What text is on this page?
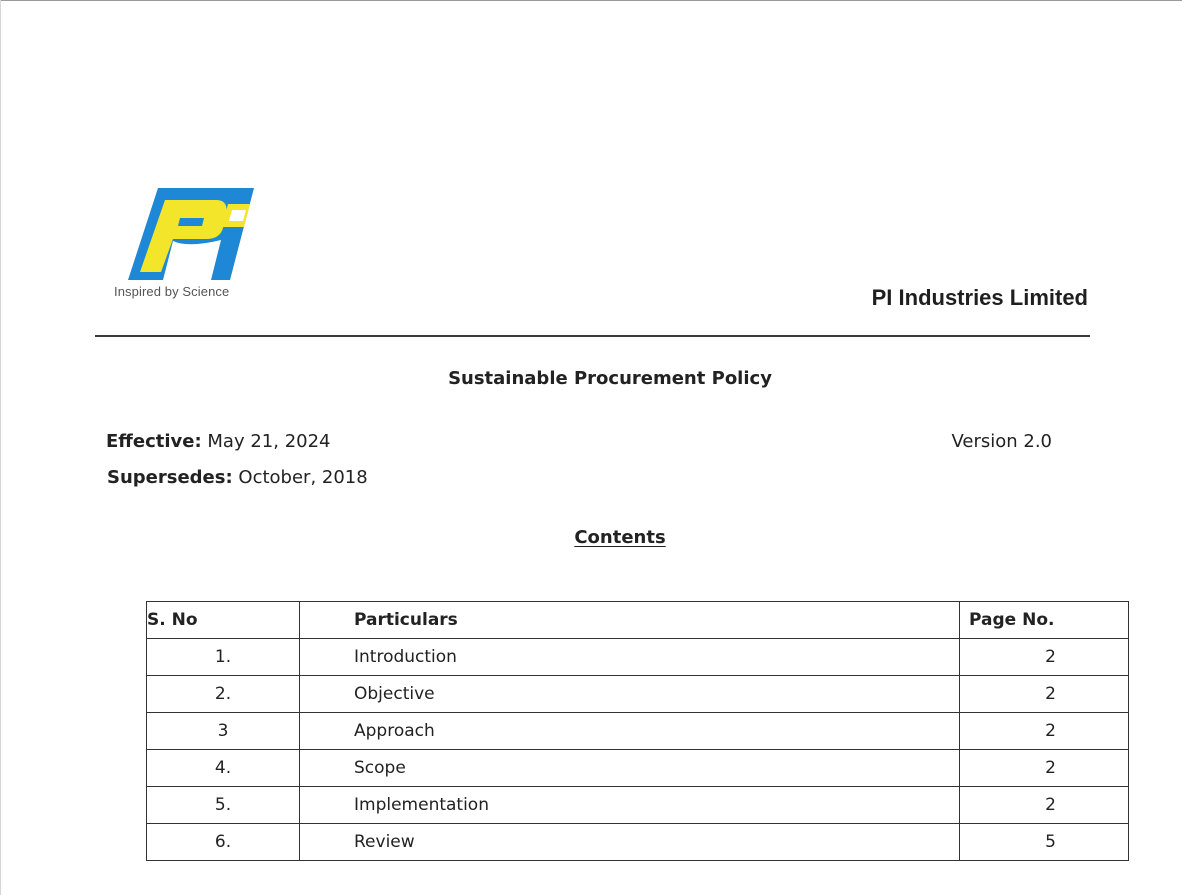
Inspired by Science	PI Industries Limited
Sustainable Procurement Policy
Effective: May 21, 2024
Supersedes: October, 2018
Version 2.0
Contents
S. No	Particulars	Page No.
1.	Introduction	2
2.	Objective	2
3	Approach	2
4.	Scope	2
5.	Implementation	2
6.	Review	5
